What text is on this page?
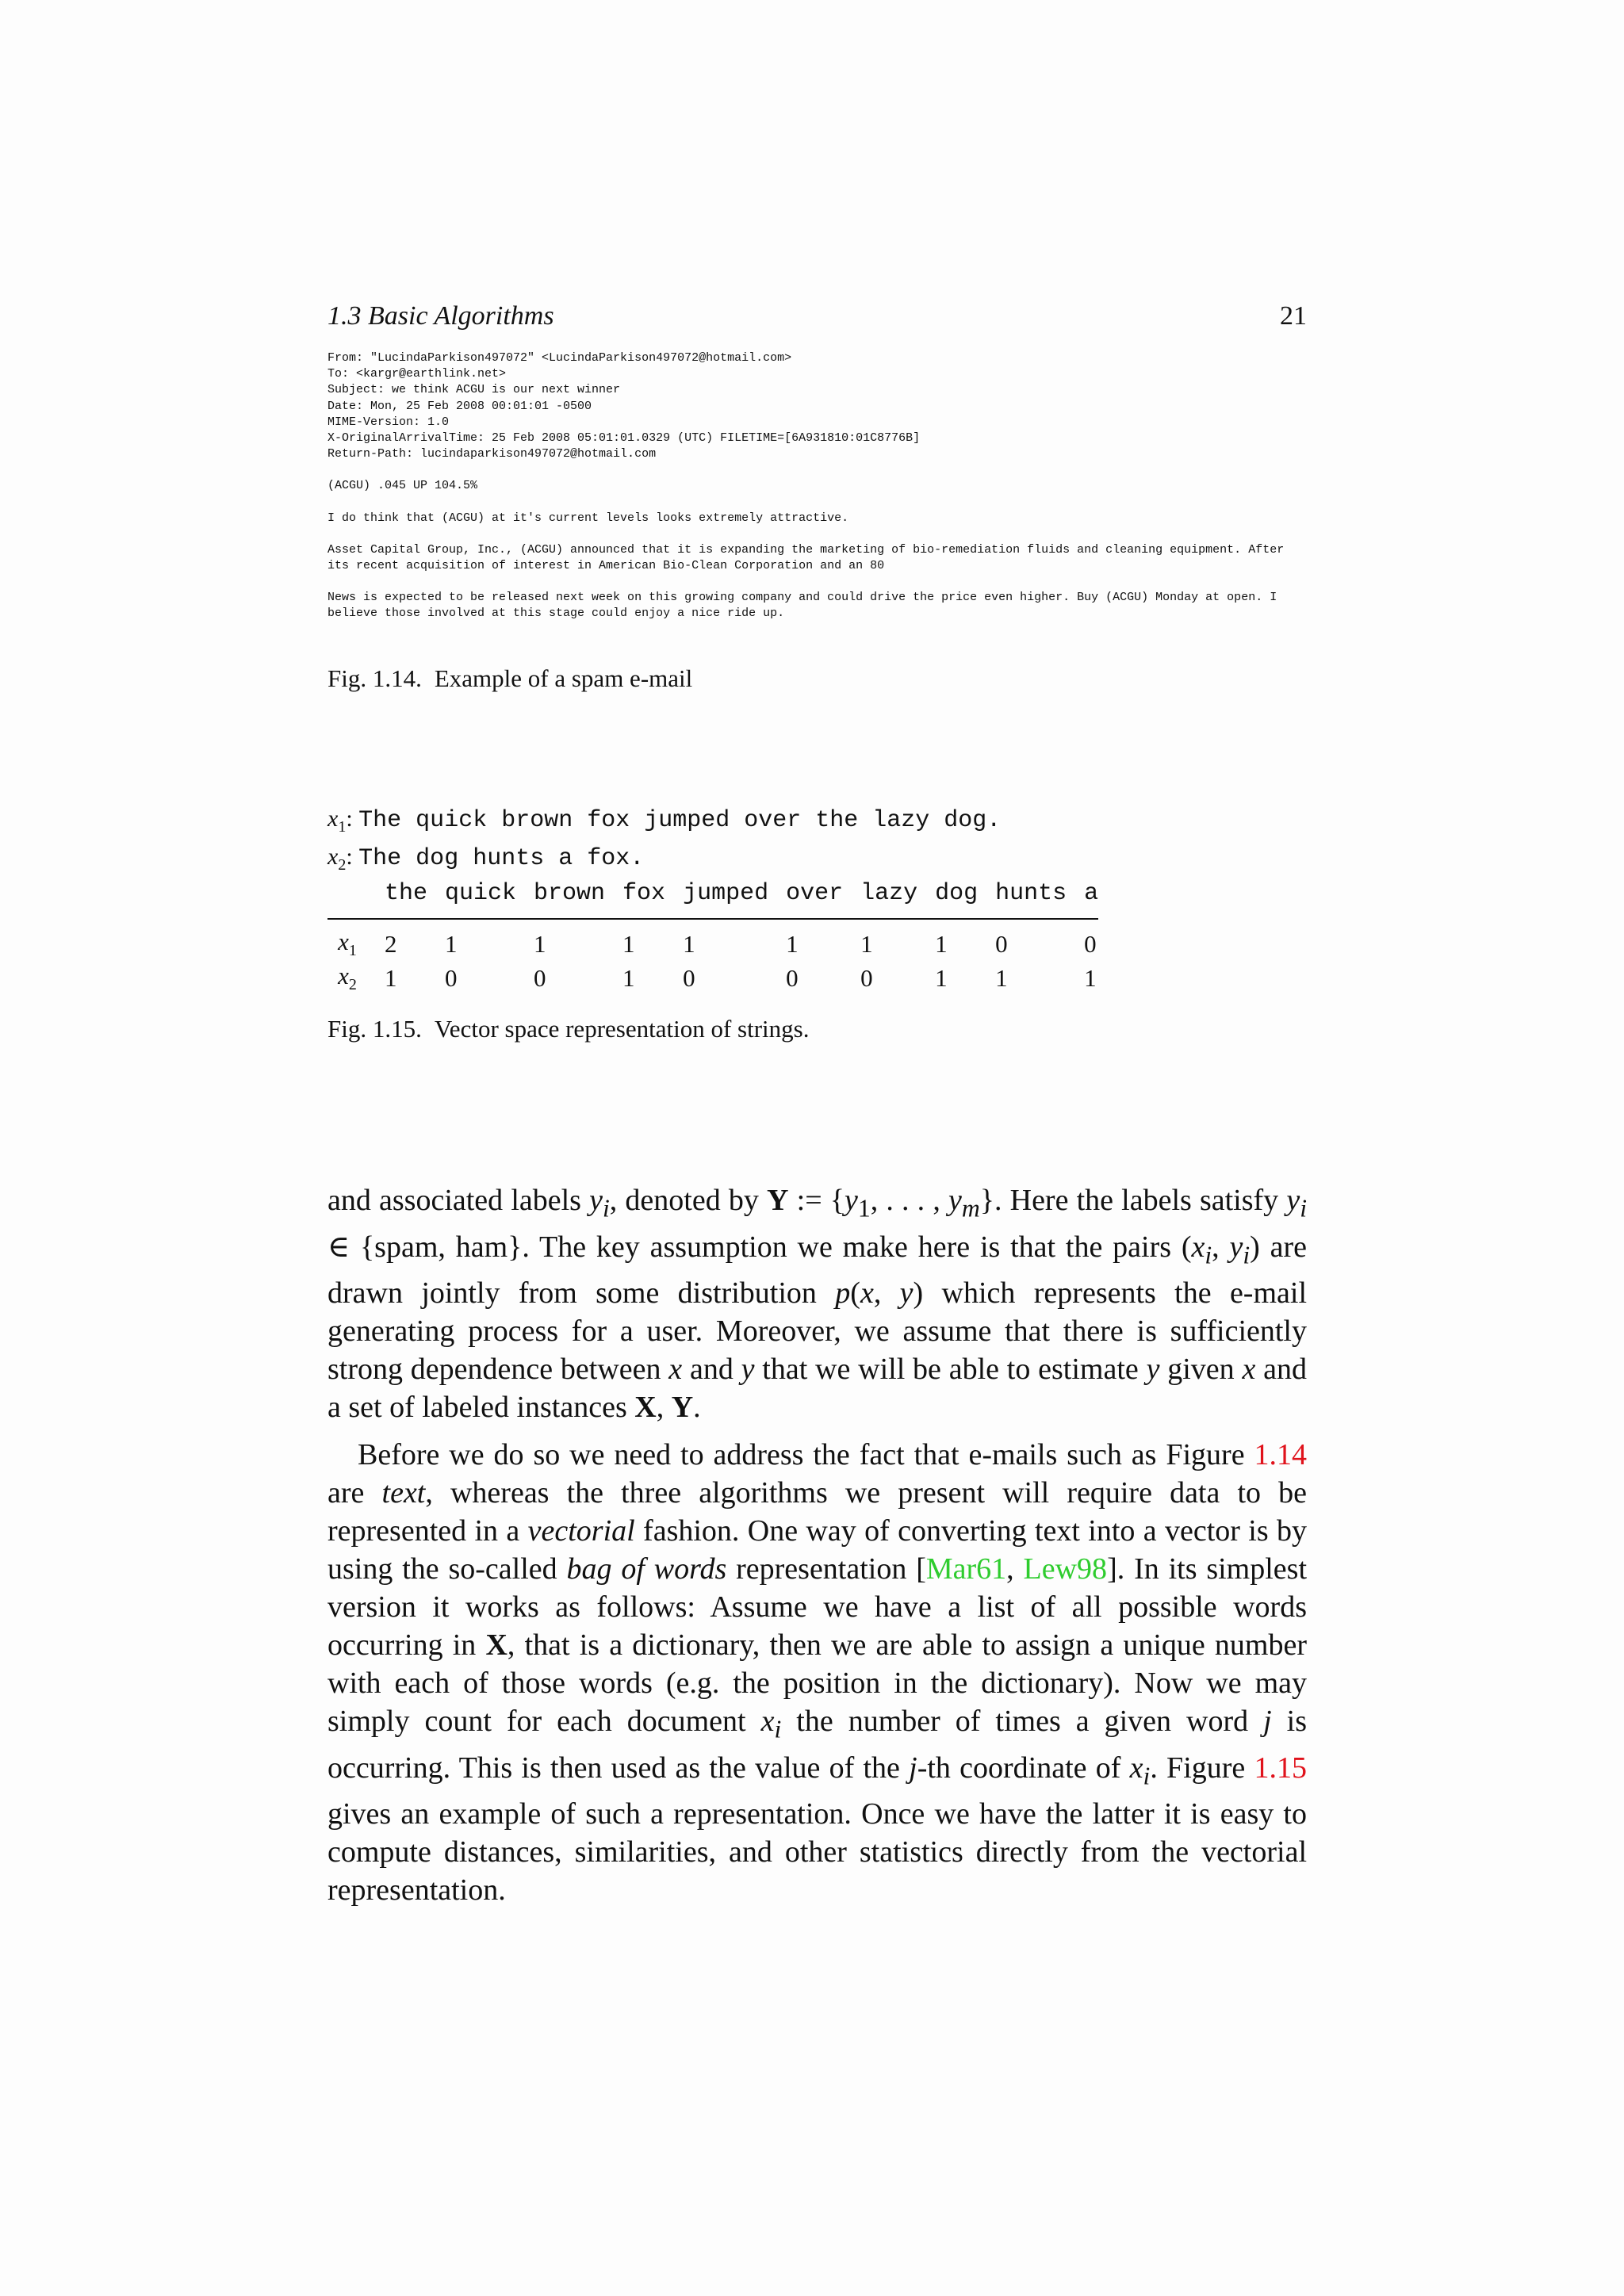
1.3 Basic Algorithms	21
From: "LucindaParkison497072" <LucindaParkison497072@hotmail.com>
To: <kargr@earthlink.net>
Subject: we think ACGU is our next winner
Date: Mon, 25 Feb 2008 00:01:01 -0500
MIME-Version: 1.0
X-OriginalArrivalTime: 25 Feb 2008 05:01:01.0329 (UTC) FILETIME=[6A931810:01C8776B]
Return-Path: lucindaparkison497072@hotmail.com
(ACGU) .045 UP 104.5%
I do think that (ACGU) at it's current levels looks extremely attractive.
Asset Capital Group, Inc., (ACGU) announced that it is expanding the marketing of bio-remediation fluids and cleaning equipment. After
its recent acquisition of interest in American Bio-Clean Corporation and an 80
News is expected to be released next week on this growing company and could drive the price even higher. Buy (ACGU) Monday at open. I
believe those involved at this stage could enjoy a nice ride up.
Fig. 1.14. Example of a spam e-mail
$x_1$: The quick brown fox jumped over the lazy dog.
$x_2$: The dog hunts a fox.
	the	quick	brown	fox	jumped	over	lazy	dog	hunts	a
$x_1$	2	1	1	1	1	1	1	1	0	0
$x_2$	1	0	0	1	0	0	0	1	1	1
Fig. 1.15. Vector space representation of strings.

and associated labels $y_i$, denoted by Y := {$y_1$, . . . , $y_m$}. Here the labels satisfy $y_i$ ∈ {spam, ham}. The key assumption we make here is that the pairs ($x_i$, $y_i$) are drawn jointly from some distribution p(x, y) which represents the e-mail generating process for a user. Moreover, we assume that there is sufficiently strong dependence between x and y that we will be able to estimate y given x and a set of labeled instances X, Y.

Before we do so we need to address the fact that e-mails such as Figure 1.14 are text, whereas the three algorithms we present will require data to be represented in a vectorial fashion. One way of converting text into a vector is by using the so-called bag of words representation [Mar61, Lew98]. In its simplest version it works as follows: Assume we have a list of all possible words occurring in X, that is a dictionary, then we are able to assign a unique number with each of those words (e.g. the position in the dictionary). Now we may simply count for each document $x_i$ the number of times a given word j is occurring. This is then used as the value of the j-th coordinate of $x_i$. Figure 1.15 gives an example of such a representation. Once we have the latter it is easy to compute distances, similarities, and other statistics directly from the vectorial representation.
